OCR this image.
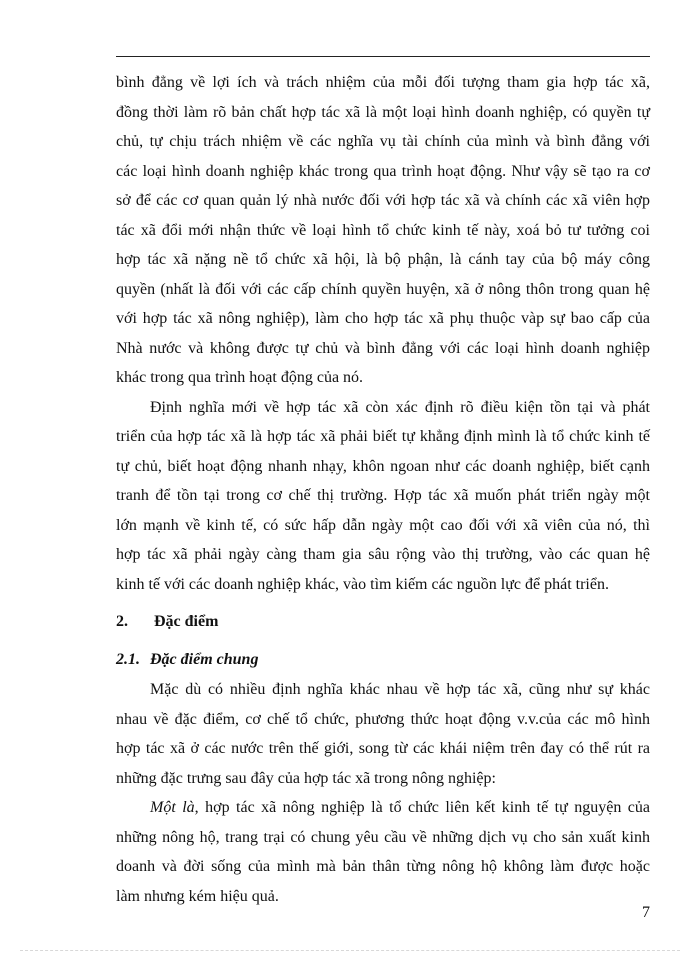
bình đẳng về lợi ích và trách nhiệm của mỗi đối tượng tham gia hợp tác xã,
đồng thời làm rõ bản chất hợp tác xã là một loại hình doanh nghiệp, có quyền tự
chủ, tự chịu trách nhiệm về các nghĩa vụ tài chính của mình và bình đẳng với
các loại hình doanh nghiệp khác trong qua trình hoạt động. Như vậy sẽ tạo ra cơ
sở để các cơ quan quản lý nhà nước đối với hợp tác xã và chính các xã viên hợp
tác xã đổi mới nhận thức về loại hình tổ chức kinh tế này, xoá bỏ tư tưởng coi
hợp tác xã nặng nề tổ chức xã hội, là bộ phận, là cánh tay của bộ máy công
quyền (nhất là đối với các cấp chính quyền huyện, xã ở nông thôn trong quan hệ
với hợp tác xã nông nghiệp), làm cho hợp tác xã phụ thuộc vàp sự bao cấp của
Nhà nước và không được tự chủ và bình đẳng với các loại hình doanh nghiệp
khác trong qua trình hoạt động của nó.
Định nghĩa mới về hợp tác xã còn xác định rõ điều kiện tồn tại và phát
triển của hợp tác xã là hợp tác xã phải biết tự khẳng định mình là tổ chức kinh tế
tự chủ, biết hoạt động nhanh nhạy, khôn ngoan như các doanh nghiệp, biết cạnh
tranh để tồn tại trong cơ chế thị trường. Hợp tác xã muốn phát triển ngày một
lớn mạnh về kinh tế, có sức hấp dẫn ngày một cao đối với xã viên của nó, thì
hợp tác xã phải ngày càng tham gia sâu rộng vào thị trường, vào các quan hệ
kinh tế với các doanh nghiệp khác, vào tìm kiếm các nguồn lực để phát triển.
2. Đặc điểm
2.1. Đặc điểm chung
Mặc dù có nhiều định nghĩa khác nhau về hợp tác xã, cũng như sự khác
nhau về đặc điểm, cơ chế tổ chức, phương thức hoạt động v.v.của các mô hình
hợp tác xã ở các nước trên thế giới, song từ các khái niệm trên đay có thể rút ra
những đặc trưng sau đây của hợp tác xã trong nông nghiệp:
Một là, hợp tác xã nông nghiệp là tổ chức liên kết kinh tế tự nguyện của
những nông hộ, trang trại có chung yêu cầu về những dịch vụ cho sản xuất kinh
doanh và đời sống của mình mà bản thân từng nông hộ không làm được hoặc
làm nhưng kém hiệu quả.
7
